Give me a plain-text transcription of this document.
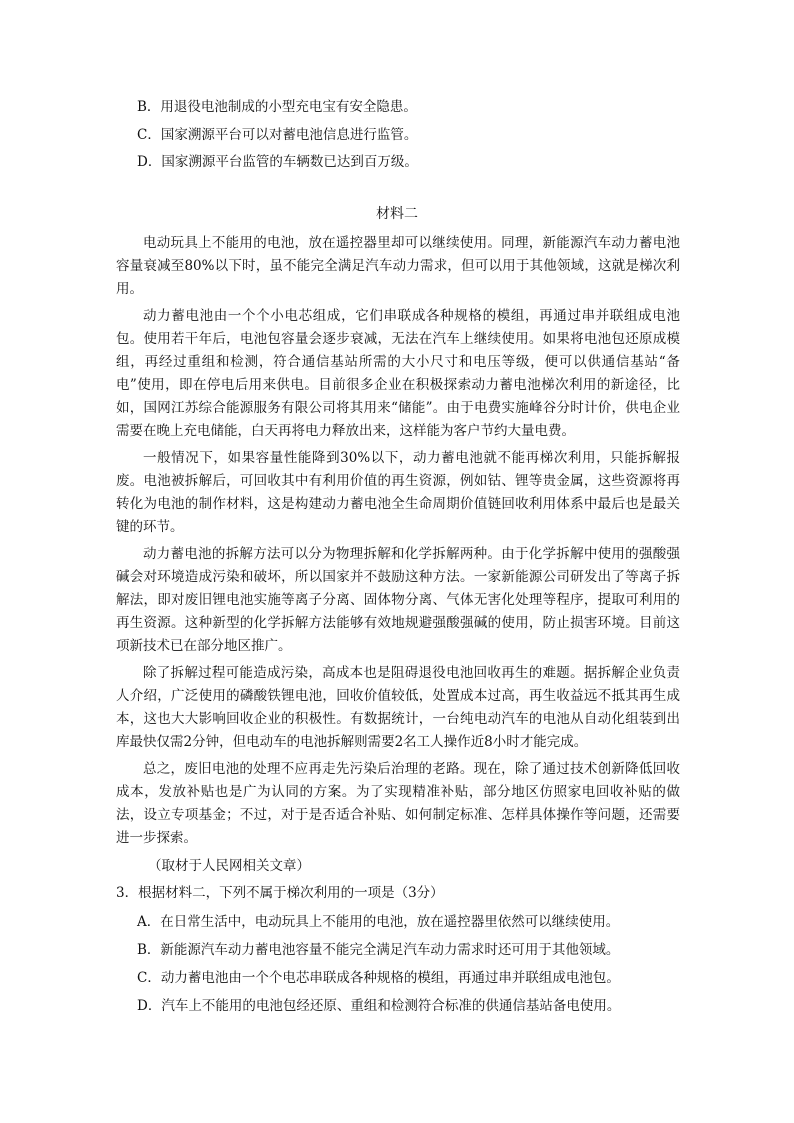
B．用退役电池制成的小型充电宝有安全隐患。
C．国家溯源平台可以对蓄电池信息进行监管。
D．国家溯源平台监管的车辆数已达到百万级。
材料二

电动玩具上不能用的电池，放在遥控器里却可以继续使用。同理，新能源汽车动力蓄电池容量衰减至80%以下时，虽不能完全满足汽车动力需求，但可以用于其他领域，这就是梯次利用。

动力蓄电池由一个个小电芯组成，它们串联成各种规格的模组，再通过串并联组成电池包。使用若干年后，电池包容量会逐步衰减，无法在汽车上继续使用。如果将电池包还原成模组，再经过重组和检测，符合通信基站所需的大小尺寸和电压等级，便可以供通信基站“备电”使用，即在停电后用来供电。目前很多企业在积极探索动力蓄电池梯次利用的新途径，比如，国网江苏综合能源服务有限公司将其用来“储能”。由于电费实施峰谷分时计价，供电企业需要在晚上充电储能，白天再将电力释放出来，这样能为客户节约大量电费。

一般情况下，如果容量性能降到30%以下，动力蓄电池就不能再梯次利用，只能拆解报废。电池被拆解后，可回收其中有利用价值的再生资源，例如钴、锂等贵金属，这些资源将再转化为电池的制作材料，这是构建动力蓄电池全生命周期价值链回收利用体系中最后也是最关键的环节。

动力蓄电池的拆解方法可以分为物理拆解和化学拆解两种。由于化学拆解中使用的强酸强碱会对环境造成污染和破坏，所以国家并不鼓励这种方法。一家新能源公司研发出了等离子拆解法，即对废旧锂电池实施等离子分离、固体物分离、气体无害化处理等程序，提取可利用的再生资源。这种新型的化学拆解方法能够有效地规避强酸强碱的使用，防止损害环境。目前这项新技术已在部分地区推广。

除了拆解过程可能造成污染，高成本也是阻碍退役电池回收再生的难题。据拆解企业负责人介绍，广泛使用的磷酸铁锂电池，回收价值较低，处置成本过高，再生收益远不抵其再生成本，这也大大影响回收企业的积极性。有数据统计，一台纯电动汽车的电池从自动化组装到出库最快仅需2分钟，但电动车的电池拆解则需要2名工人操作近8小时才能完成。

总之，废旧电池的处理不应再走先污染后治理的老路。现在，除了通过技术创新降低回收成本，发放补贴也是广为认同的方案。为了实现精准补贴，部分地区仿照家电回收补贴的做法，设立专项基金；不过，对于是否适合补贴、如何制定标准、怎样具体操作等问题，还需要进一步探索。

（取材于人民网相关文章）
3．根据材料二，下列不属于梯次利用的一项是（3分）
A．在日常生活中，电动玩具上不能用的电池，放在遥控器里依然可以继续使用。
B．新能源汽车动力蓄电池容量不能完全满足汽车动力需求时还可用于其他领域。
C．动力蓄电池由一个个电芯串联成各种规格的模组，再通过串并联组成电池包。
D．汽车上不能用的电池包经还原、重组和检测符合标准的供通信基站备电使用。
